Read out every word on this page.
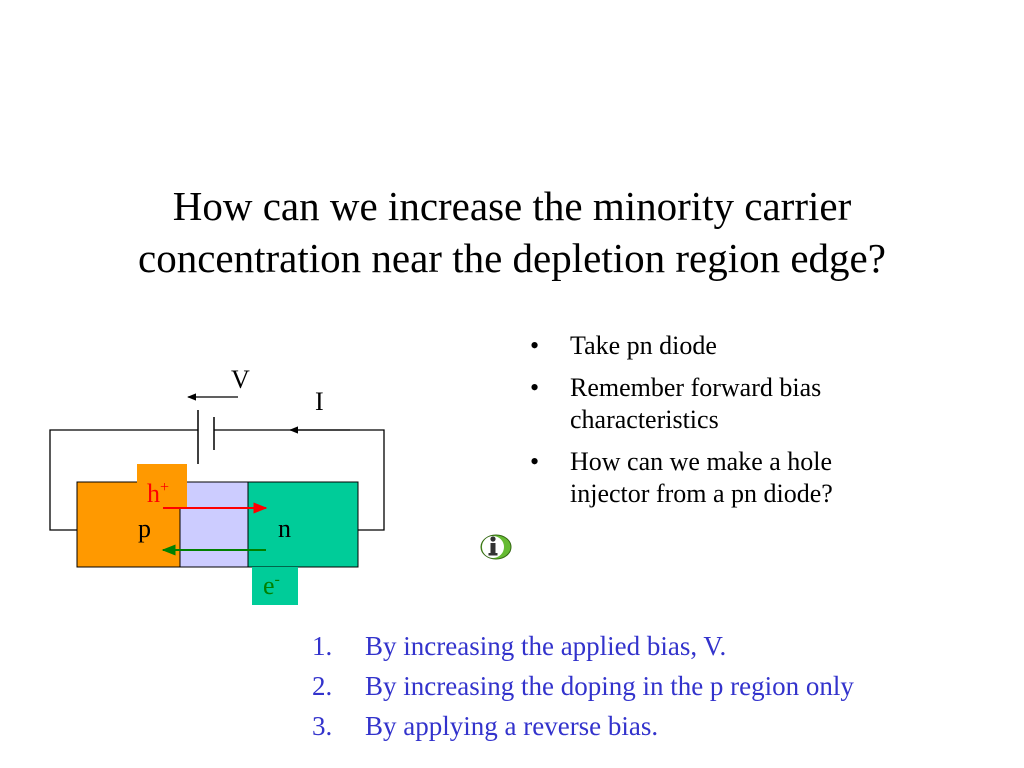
How can we increase the minority carrier
concentration near the depletion region edge?
V
I
h+
e-
p	n
• Take pn diode
• Remember forward bias
characteristics
• How can we make a hole
injector from a pn diode?
1. By increasing the applied bias, V.
2. By increasing the doping in the p region only
3. By applying a reverse bias.
